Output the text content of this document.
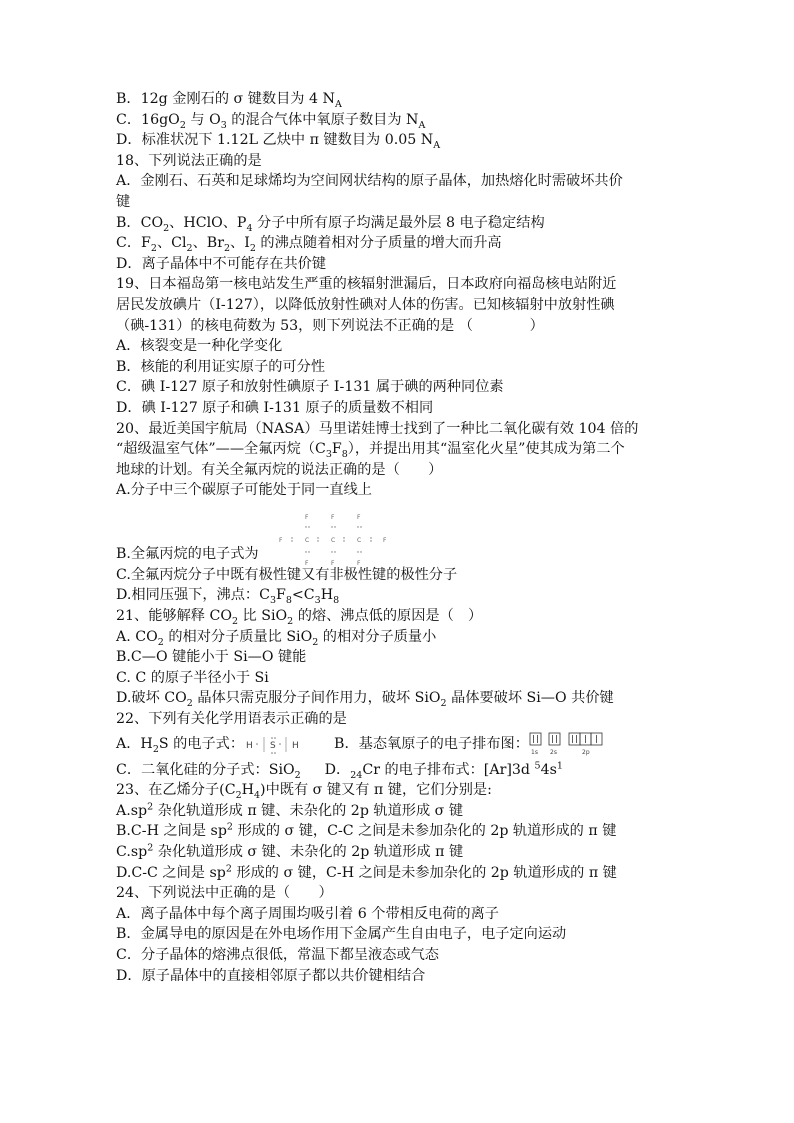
B．12g 金刚石的 σ 键数目为 4 $N_A$
C．$16gO_2$ 与 $O_3$ 的混合气体中氧原子数目为 $N_A$
D．标准状况下 1.12L 乙炔中 π 键数目为 0.05 $N_A$
18、下列说法正确的是
A．金刚石、石英和足球烯均为空间网状结构的原子晶体，加热熔化时需破坏共价
键
B．$CO_2$、HClO、$P_4$ 分子中所有原子均满足最外层 8 电子稳定结构
C．$F_2$、$Cl_2$、$Br_2$、$I_2$ 的沸点随着相对分子质量的增大而升高
D．离子晶体中不可能存在共价键
19、日本福岛第一核电站发生严重的核辐射泄漏后，日本政府向福岛核电站附近
居民发放碘片（I-127），以降低放射性碘对人体的伤害。已知核辐射中放射性碘
（碘-131）的核电荷数为 53，则下列说法不正确的是 （　　　　）
A．核裂变是一种化学变化
B．核能的利用证实原子的可分性
C．碘 I-127 原子和放射性碘原子 I-131 属于碘的两种同位素
D．碘 I-127 原子和碘 I-131 原子的质量数不相同
20、最近美国宇航局（NASA）马里诺娃博士找到了一种比二氧化碳有效 104 倍的
“超级温室气体”——全氟丙烷$(C_3F_8)$，并提出用其“温室化火星”使其成为第二个
地球的计划。有关全氟丙烷的说法正确的是（　　）
A.分子中三个碳原子可能处于同一直线上
B.全氟丙烷的电子式为
F	F	F
F	C	C	C	F
F	F	F
C.全氟丙烷分子中既有极性键又有非极性键的极性分子
D.相同压强下，沸点：$C_3F_8<C_3H_8$
21、能够解释 $CO_2$ 比 SiO$_2$ 的熔、沸点低的原因是（　）
A. $CO_2$ 的相对分子质量比 SiO$_2$ 的相对分子质量小
B.C—O 键能小于 Si—O 键能
C. C 的原子半径小于 Si
D.破坏 $CO_2$ 晶体只需克服分子间作用力，破坏 SiO$_2$ 晶体要破坏 Si—O 共价键
22、下列有关化学用语表示正确的是
A．$H_2S$ 的电子式： H S H B．基态氧原子的电子排布图： 1s 2s	2p
C．二氧化硅的分子式：SiO$_2$ D．$_{24}$Cr 的电子排布式：[Ar]3d $^54s^1$
23、在乙烯分子$(C_2H_4)$中既有 σ 键又有 π 键，它们分别是:
$A.sp^2$ 杂化轨道形成 π 键、未杂化的 2p 轨道形成 σ 键
B.C-H 之间是 $sp^2$ 形成的 σ 键，C-C 之间是未参加杂化的 2p 轨道形成的 π 键
$C.sp^2$ 杂化轨道形成 σ 键、未杂化的 2p 轨道形成 π 键
D.C-C 之间是 $sp^2$ 形成的 σ 键，C-H 之间是未参加杂化的 2p 轨道形成的 π 键
24、下列说法中正确的是（　　）
A．离子晶体中每个离子周围均吸引着 6 个带相反电荷的离子
B．金属导电的原因是在外电场作用下金属产生自由电子，电子定向运动
C．分子晶体的熔沸点很低，常温下都呈液态或气态
D．原子晶体中的直接相邻原子都以共价键相结合
